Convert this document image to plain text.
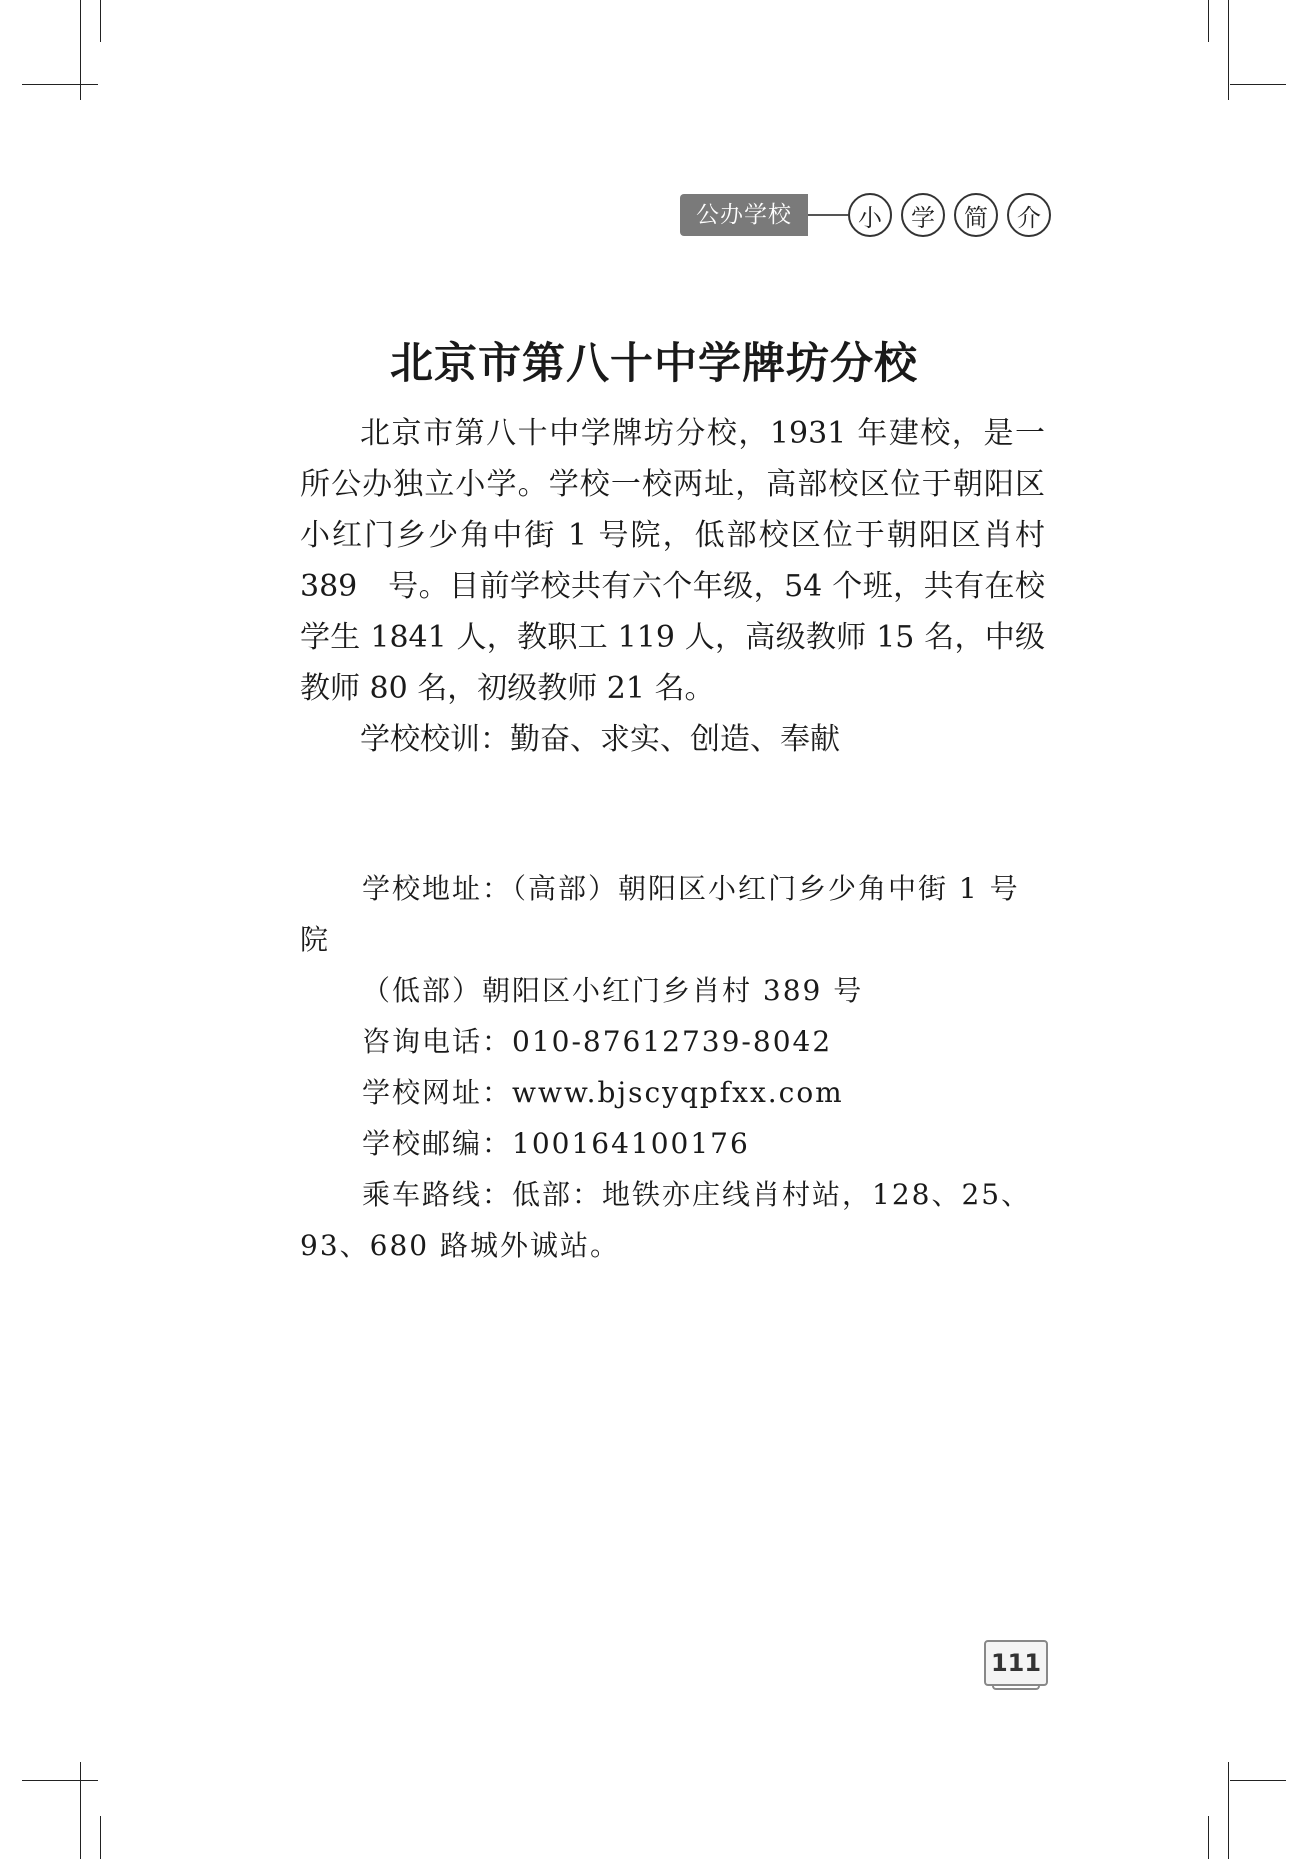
公办学校	小	学	简	介
北京市第八十中学牌坊分校

北京市第八十中学牌坊分校，1931 年建校，是一所公办独立小学。学校一校两址，高部校区位于朝阳区小红门乡少角中街 1 号院，低部校区位于朝阳区肖村 389　号。目前学校共有六个年级，54 个班，共有在校学生 1841 人，教职工 119 人，高级教师 15 名，中级教师 80 名，初级教师 21 名。

学校校训：勤奋、求实、创造、奉献

学校地址：（高部）朝阳区小红门乡少角中街 1 号院

（低部）朝阳区小红门乡肖村 389 号

咨询电话：010-87612739-8042

学校网址：www.bjscyqpfxx.com

学校邮编：100164100176

乘车路线：低部：地铁亦庄线肖村站，128、25、93、680 路城外诚站。

111
